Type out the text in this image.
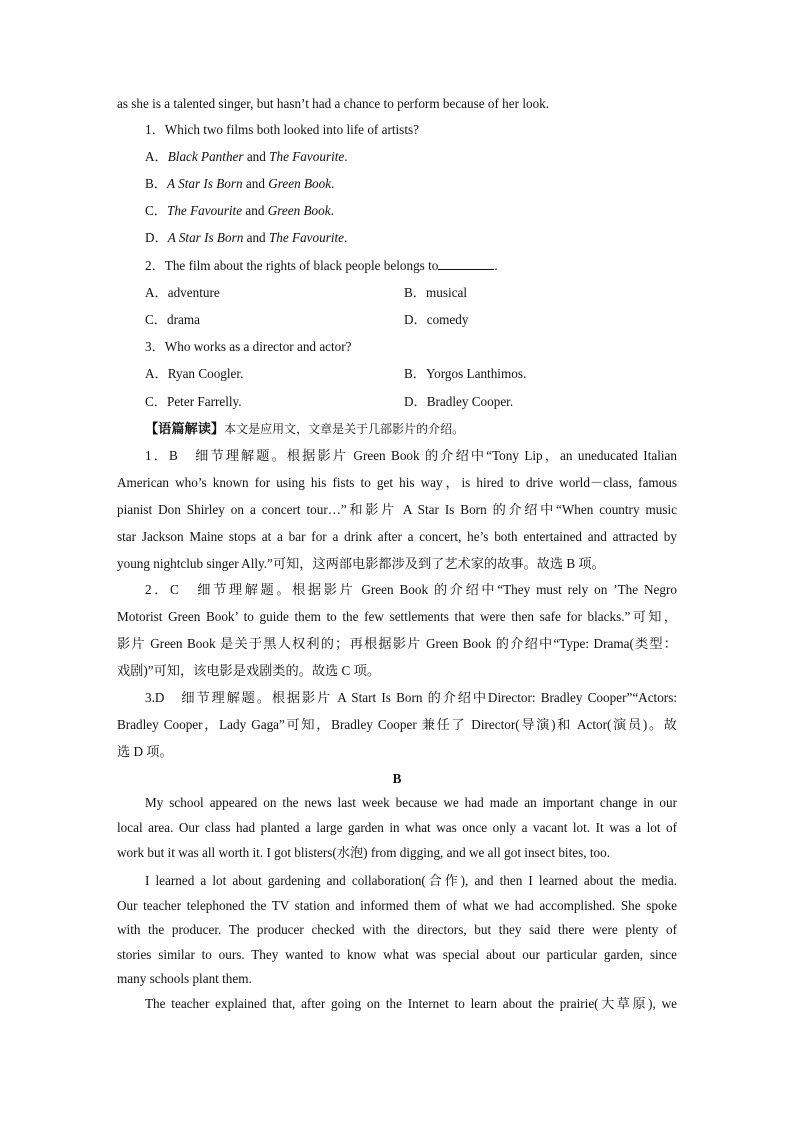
as she is a talented singer, but hasn’t had a chance to perform because of her look.
1．Which two films both looked into life of artists?
A．Black Panther and The Favourite.
B．A Star Is Born and Green Book.
C．The Favourite and Green Book.
D．A Star Is Born and The Favourite.
2．The film about the rights of black people belongs to	.
A．adventure	B．musical
C．drama	D．comedy
3．Who works as a director and actor?
A．Ryan Coogler.	B．Yorgos Lanthimos.
C．Peter Farrelly.	D．Bradley Cooper.
【语篇解读】本文是应用文，文章是关于几部影片的介绍。
1．B　细节理解题。根据影片 Green Book 的介绍中“Tony Lip，an uneducated Italian
American who’s known for using his fists to get his way，is hired to drive world－class, famous
pianist Don Shirley on a concert tour…”和影片 A Star Is Born 的介绍中“When country music
star Jackson Maine stops at a bar for a drink after a concert, he’s both entertained and attracted by
young nightclub singer Ally.”可知，这两部电影都涉及到了艺术家的故事。故选 B 项。
2．C　细节理解题。根据影片 Green Book 的介绍中“They must rely on ’The Negro
Motorist Green Book’ to guide them to the few settlements that were then safe for blacks.”可知，
影片 Green Book 是关于黑人权利的；再根据影片 Green Book 的介绍中“Type: Drama(类型：
戏剧)”可知，该电影是戏剧类的。故选 C 项。
3.D　细节理解题。根据影片 A Start Is Born 的介绍中Director: Bradley Cooper”“Actors:
Bradley Cooper，Lady Gaga”可知，Bradley Cooper 兼任了 Director(导演)和 Actor(演员)。故
选 D 项。
B
My school appeared on the news last week because we had made an important change in our
local area. Our class had planted a large garden in what was once only a vacant lot. It was a lot of
work but it was all worth it. I got blisters(水泡) from digging, and we all got insect bites, too.
I learned a lot about gardening and collaboration(合作), and then I learned about the media.
Our teacher telephoned the TV station and informed them of what we had accomplished. She spoke
with the producer. The producer checked with the directors, but they said there were plenty of
stories similar to ours. They wanted to know what was special about our particular garden, since
many schools plant them.
The teacher explained that, after going on the Internet to learn about the prairie(大草原), we
